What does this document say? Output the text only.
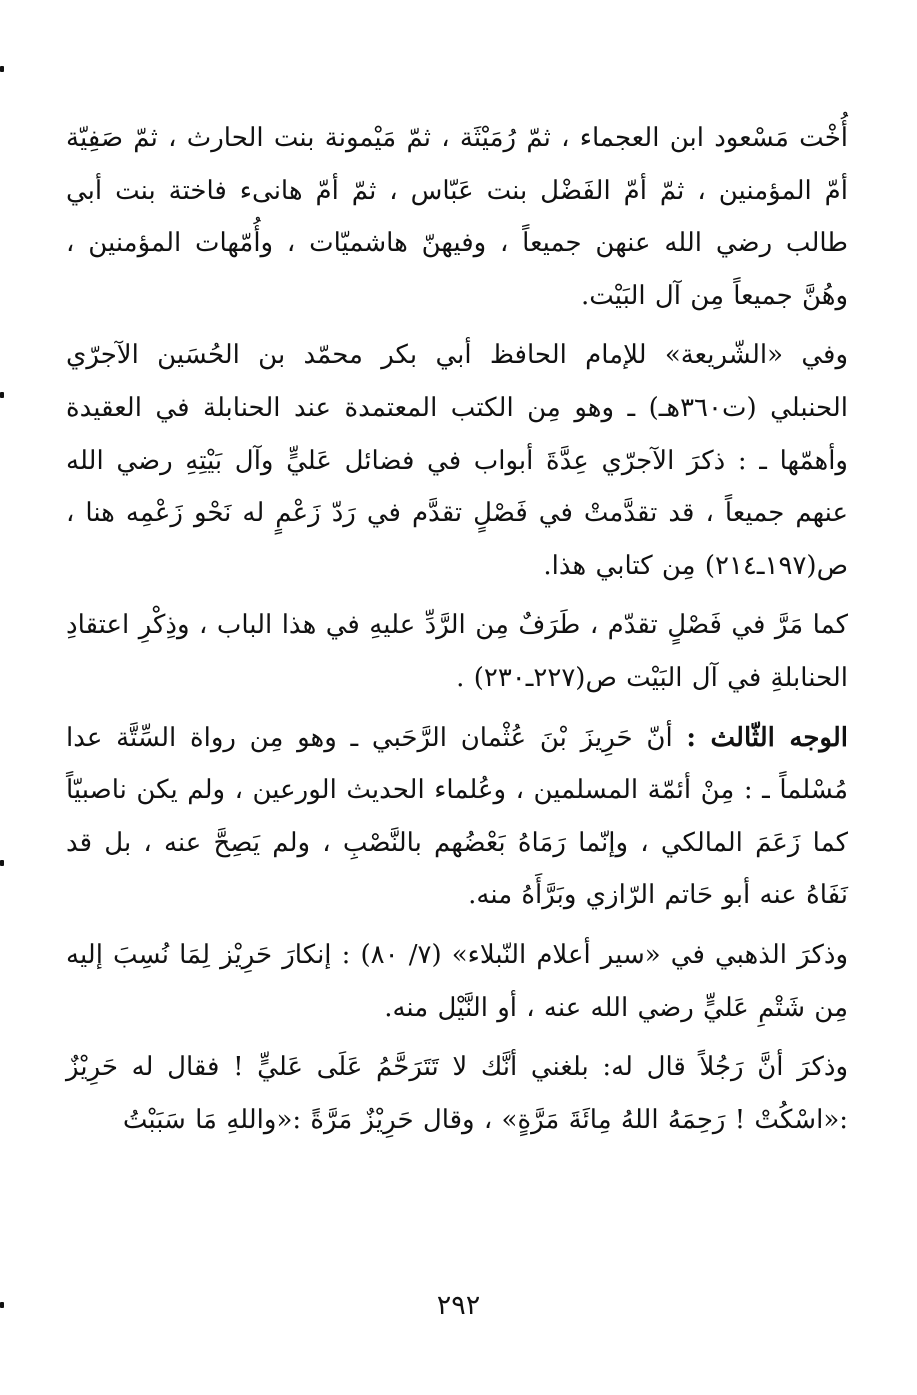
أُخْت مَسْعود ابن العجماء ، ثمّ رُمَيْثَة ، ثمّ مَيْمونة بنت الحارث ، ثمّ صَفِيّة أمّ المؤمنين ، ثمّ أمّ الفَضْل بنت عَبّاس ، ثمّ أمّ هانىء فاختة بنت أبي طالب رضي الله عنهن جميعاً ، وفيهنّ هاشميّات ، وأُمّهات المؤمنين ، وهُنَّ جميعاً مِن آل البَيْت.

وفي «الشّريعة» للإمام الحافظ أبي بكر محمّد بن الحُسَين الآجرّي الحنبلي (ت٣٦٠هـ) ـ وهو مِن الكتب المعتمدة عند الحنابلة في العقيدة وأهمّها ـ : ذكرَ الآجرّي عِدَّةَ أبواب في فضائل عَليٍّ وآل بَيْتِهِ رضي الله عنهم جميعاً ، قد تقدَّمتْ في فَصْلٍ تقدَّم في رَدّ زَعْمٍ له نَحْو زَعْمِه هنا ، ص(١٩٧ـ٢١٤) مِن كتابي هذا.

كما مَرَّ في فَصْلٍ تقدّم ، طَرَفٌ مِن الرَّدِّ عليهِ في هذا الباب ، وذِكْرِ اعتقادِ الحنابلةِ في آل البَيْت ص(٢٢٧ـ٢٣٠) .

الوجه الثّالث : أنّ حَرِيزَ بْنَ عُثْمان الرَّحَبي ـ وهو مِن رواة السِّتَّة عدا مُسْلماً ـ : مِنْ أئمّة المسلمين ، وعُلماء الحديث الورعين ، ولم يكن ناصبيّاً كما زَعَمَ المالكي ، وإنّما رَمَاهُ بَعْضُهم بالنَّصْبِ ، ولم يَصِحَّ عنه ، بل قد نَفَاهُ عنه أبو حَاتم الرّازي وبَرَّأَهُ منه.

وذكرَ الذهبي في «سير أعلام النّبلاء» (٧/ ٨٠) : إنكارَ حَرِيْز لِمَا نُسِبَ إليه مِن شَتْمِ عَليٍّ رضي الله عنه ، أو النَّيْل منه.

وذكرَ أنَّ رَجُلاً قال له: بلغني أنَّك لا تَتَرَحَّمُ عَلَى عَليٍّ ! فقال له حَرِيْزٌ :«اسْكُتْ ! رَحِمَهُ اللهُ مِائَةَ مَرَّةٍ» ، وقال حَرِيْزٌ مَرَّةً :«واللهِ مَا سَبَبْتُ

٢٩٢
